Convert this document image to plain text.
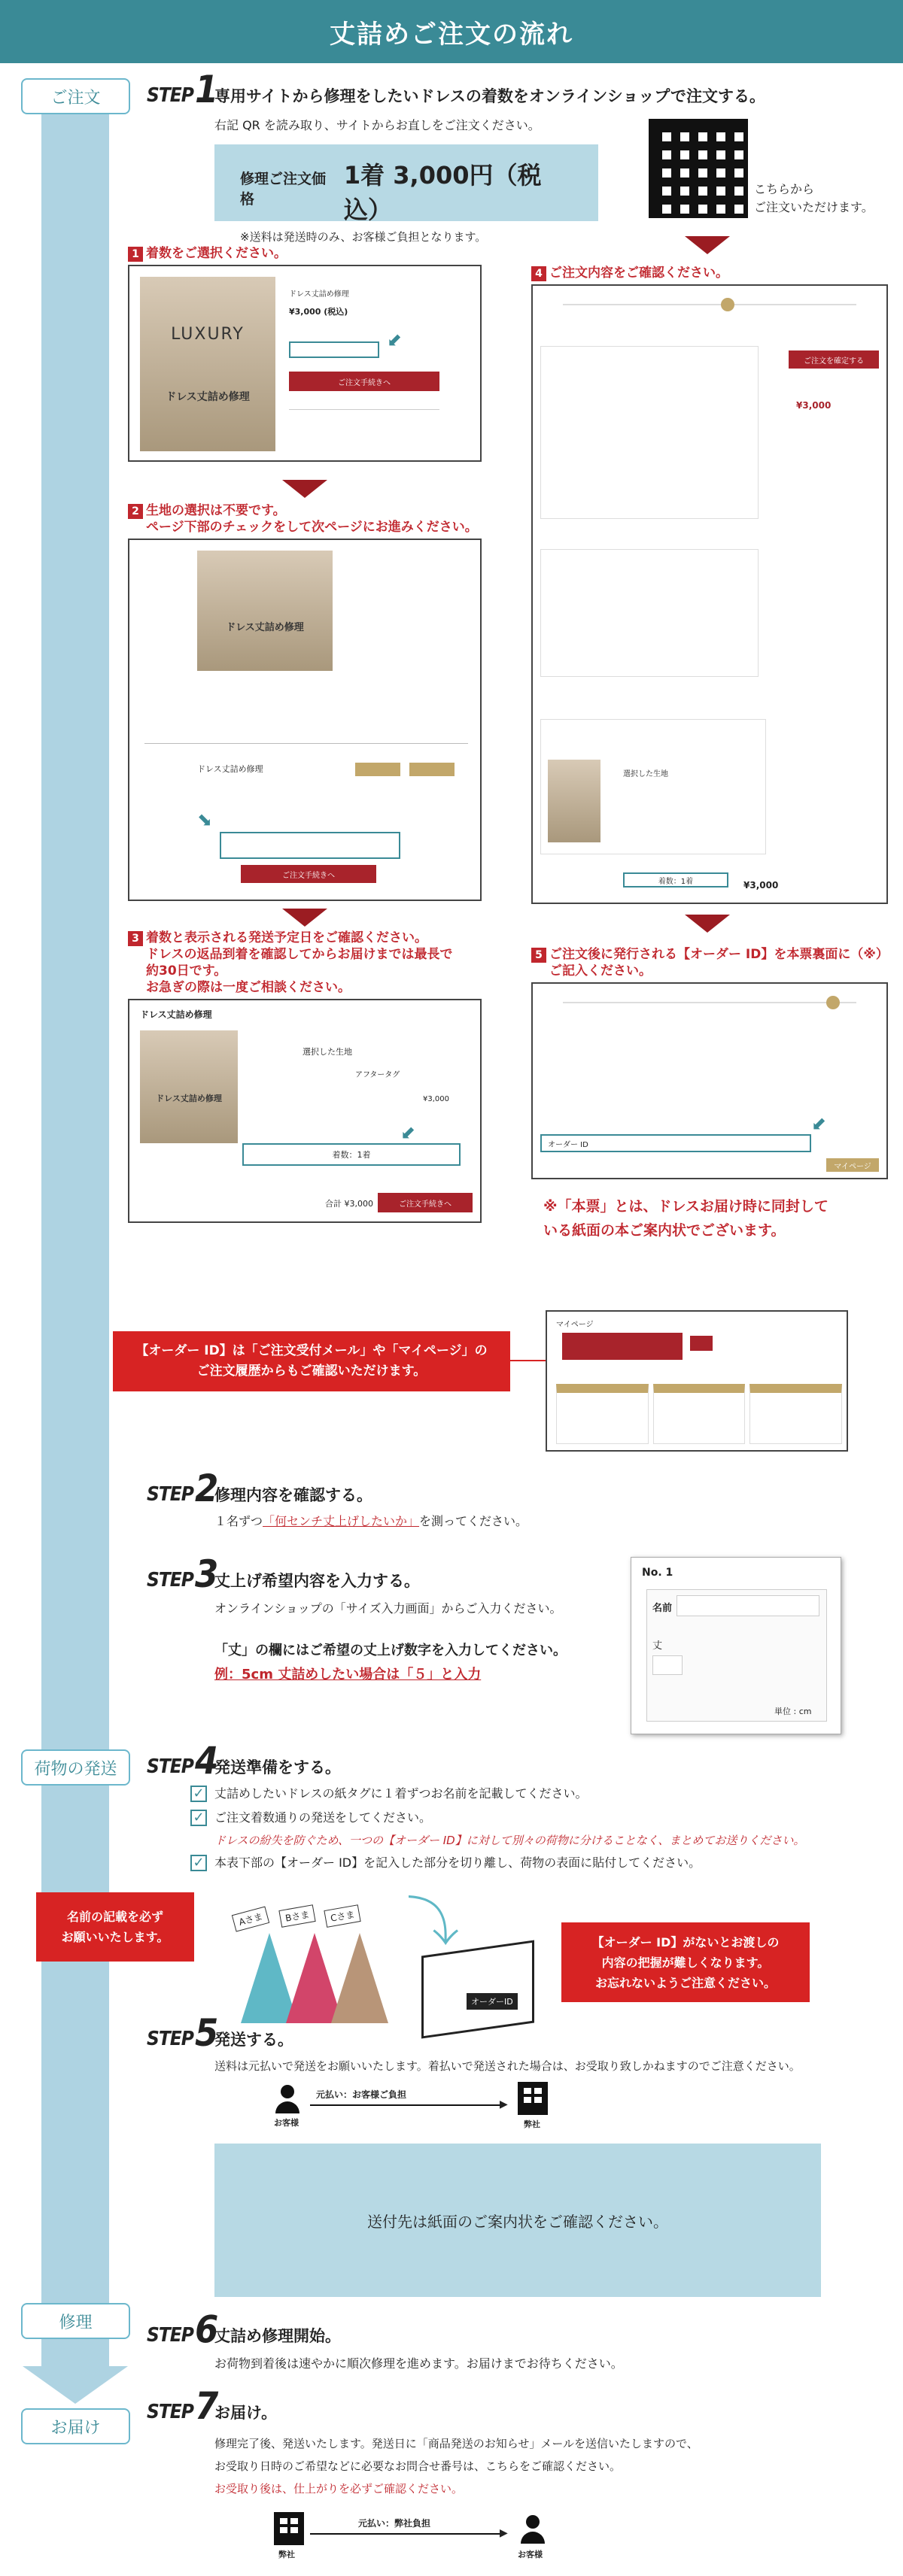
丈詰めご注文の流れ
ご注文
荷物の発送
修理
お届け
STEP 1
専用サイトから修理をしたいドレスの着数をオンラインショップで注文する。
右記 QR を読み取り、サイトからお直しをご注文ください。
修理ご注文価格
1着 3,000円（税込）
※送料は発送時のみ、お客様ご負担となります。
こちらから
ご注文いただけます。
1 着数をご選択ください。
LUXURY
ドレス丈詰め修理
ドレス丈詰め修理
¥3,000 (税込)
⬋
ご注文手続きへ
2 生地の選択は不要です。
ページ下部のチェックをして次ページにお進みください。
ドレス丈詰め修理
ドレス丈詰め修理
⬊
ご注文手続きへ
3 着数と表示される発送予定日をご確認ください。
ドレスの返品到着を確認してからお届けまでは最長で
約30日です。
お急ぎの際は一度ご相談ください。
ドレス丈詰め修理
ドレス丈詰め修理
選択した生地
アフタータグ
¥3,000
着数：1着
⬋
合計 ¥3,000	ご注文手続きへ
4 ご注文内容をご確認ください。
ご注文を確定する
¥3,000
選択した生地
着数：1着	¥3,000
5 ご注文後に発行される【オーダー ID】を本票裏面に（※）
ご記入ください。
オーダー ID
⬋
マイページ
※「本票」とは、ドレスお届け時に同封して
いる紙面の本ご案内状でございます。
【オーダー ID】は「ご注文受付メール」や「マイページ」の
ご注文履歴からもご確認いただけます。
マイページ
STEP 2
修理内容を確認する。
１名ずつ「何センチ丈上げしたいか」を測ってください。
STEP 3
丈上げ希望内容を入力する。
オンラインショップの「サイズ入力画面」からご入力ください。
「丈」の欄にはご希望の丈上げ数字を入力してください。
例：5cm 丈詰めしたい場合は「５」と入力
No. 1
名前
丈
単位 : cm
STEP 4
発送準備をする。
✓ 丈詰めしたいドレスの紙タグに１着ずつお名前を記載してください。
✓ ご注文着数通りの発送をしてください。
ドレスの紛失を防ぐため、一つの【オーダー ID】に対して別々の荷物に分けることなく、まとめてお送りください。
✓ 本表下部の【オーダー ID】を記入した部分を切り離し、荷物の表面に貼付してください。
名前の記載を必ず
お願いいたします。
Aさま	Bさま	Cさま ⤵
オーダーID
【オーダー ID】がないとお渡しの
内容の把握が難しくなります。
お忘れないようご注意ください。
STEP 5
発送する。
送料は元払いで発送をお願いいたします。着払いで発送された場合は、お受取り致しかねますのでご注意ください。
お客様
元払い：お客様ご負担
▶
弊社
送付先は紙面のご案内状をご確認ください。
STEP 6
丈詰め修理開始。
お荷物到着後は速やかに順次修理を進めます。お届けまでお待ちください。
STEP 7
お届け。
修理完了後、発送いたします。発送日に「商品発送のお知らせ」メールを送信いたしますので、
お受取り日時のご希望などに必要なお問合せ番号は、こちらをご確認ください。
お受取り後は、仕上がりを必ずご確認ください。
弊社
元払い：弊社負担
▶
お客様
